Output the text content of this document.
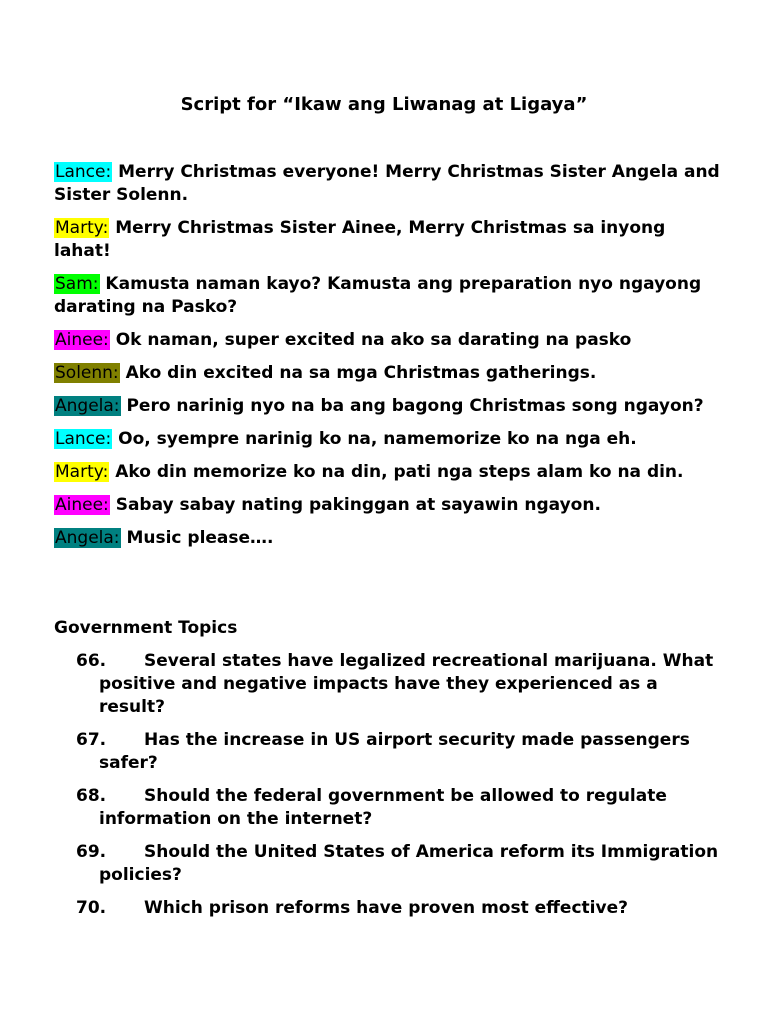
Script for “Ikaw ang Liwanag at Ligaya”

Lance: Merry Christmas everyone! Merry Christmas Sister Angela and Sister Solenn.

Marty: Merry Christmas Sister Ainee, Merry Christmas sa inyong lahat!

Sam: Kamusta naman kayo? Kamusta ang preparation nyo ngayong darating na Pasko?

Ainee: Ok naman, super excited na ako sa darating na pasko

Solenn: Ako din excited na sa mga Christmas gatherings.

Angela: Pero narinig nyo na ba ang bagong Christmas song ngayon?

Lance: Oo, syempre narinig ko na, namemorize ko na nga eh.

Marty: Ako din memorize ko na din, pati nga steps alam ko na din.

Ainee: Sabay sabay nating pakinggan at sayawin ngayon.

Angela: Music please….

Government Topics
66. Several states have legalized recreational marijuana. What positive and negative impacts have they experienced as a result?
67. Has the increase in US airport security made passengers safer?
68. Should the federal government be allowed to regulate information on the internet?
69. Should the United States of America reform its Immigration policies?
70. Which prison reforms have proven most effective?
